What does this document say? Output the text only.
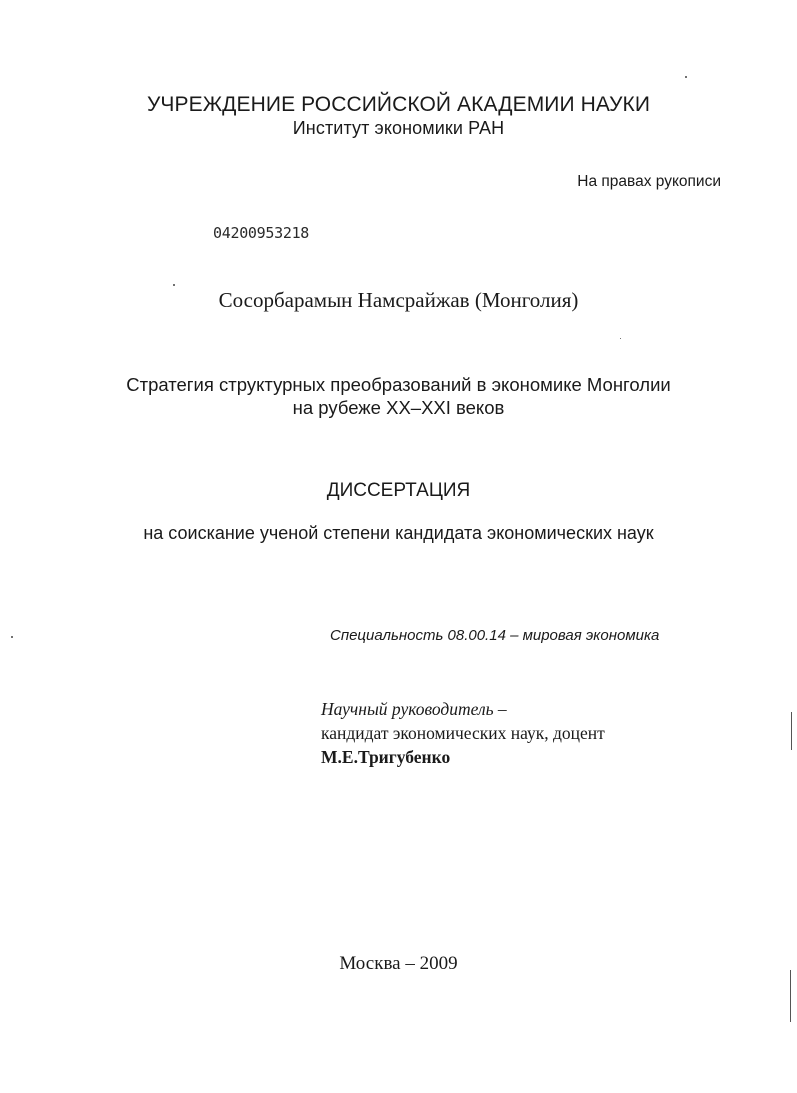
УЧРЕЖДЕНИЕ РОССИЙСКОЙ АКАДЕМИИ НАУКИ
Институт экономики РАН
На правах рукописи
04200953218
Сосорбарамын Намсрайжав (Монголия)
Стратегия структурных преобразований в экономике Монголии
на рубеже XX–XXI веков
ДИССЕРТАЦИЯ
на соискание ученой степени кандидата экономических наук
Специальность 08.00.14 – мировая экономика
Научный руководитель –
кандидат экономических наук, доцент
М.Е.Тригубенко
Москва – 2009
